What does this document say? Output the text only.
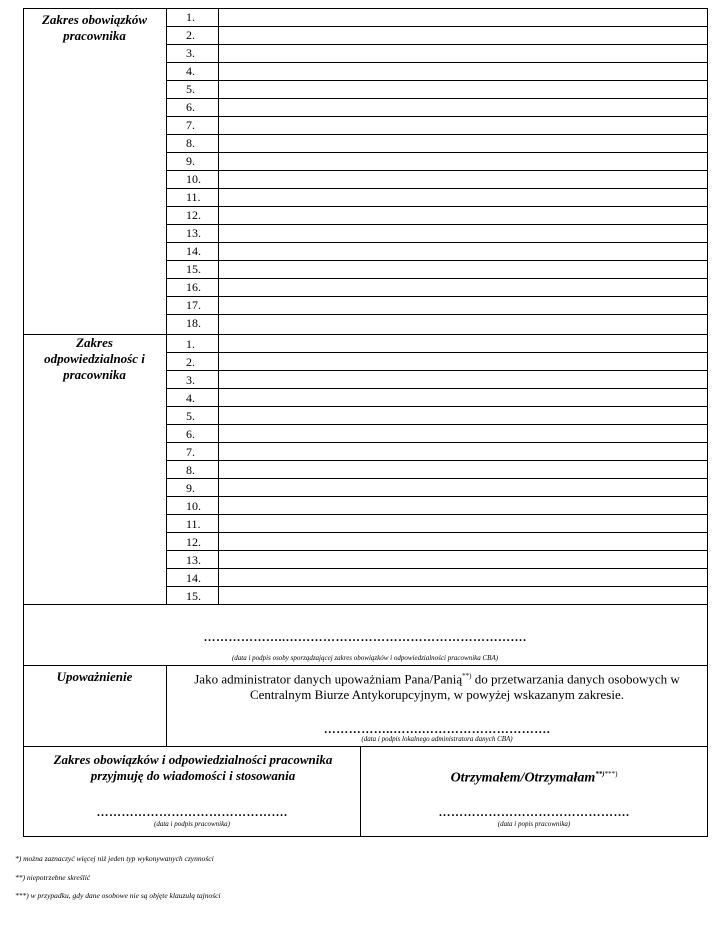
Zakres obowiązków pracownika
1.
2.
3.
4.
5.
6.
7.
8.
9.
10.
11.
12.
13.
14.
15.
16.
17.
18.
Zakres odpowiedzialnośc i pracownika
1.
2.
3.
4.
5.
6.
7.
8.
9.
10.
11.
12.
13.
14.
15.
………………..………………………………………………….
(data i podpis osoby sporządzającej zakres obowiązków i odpowiedzialności pracownika CBA)
Upoważnienie	Jako administrator danych upoważniam Pana/Panią**) do przetwarzania danych osobowych w Centralnym Biurze Antykorupcyjnym, w powyżej wskazanym zakresie.
……………..…….………………………….
(data i podpis lokalnego administratora danych CBA)
Zakres obowiązków i odpowiedzialności pracownika przyjmuję do wiadomości i stosowania
……………………………………….
(data i podpis pracownika)
Otrzymałem/Otrzymałam**)***)
……………………………………….
(data i popis pracownika)
*) można zaznaczyć więcej niż jeden typ wykonywanych czynności
**) niepotrzebne skreślić
***) w przypadku, gdy dane osobowe nie są objęte klauzulą tajności
